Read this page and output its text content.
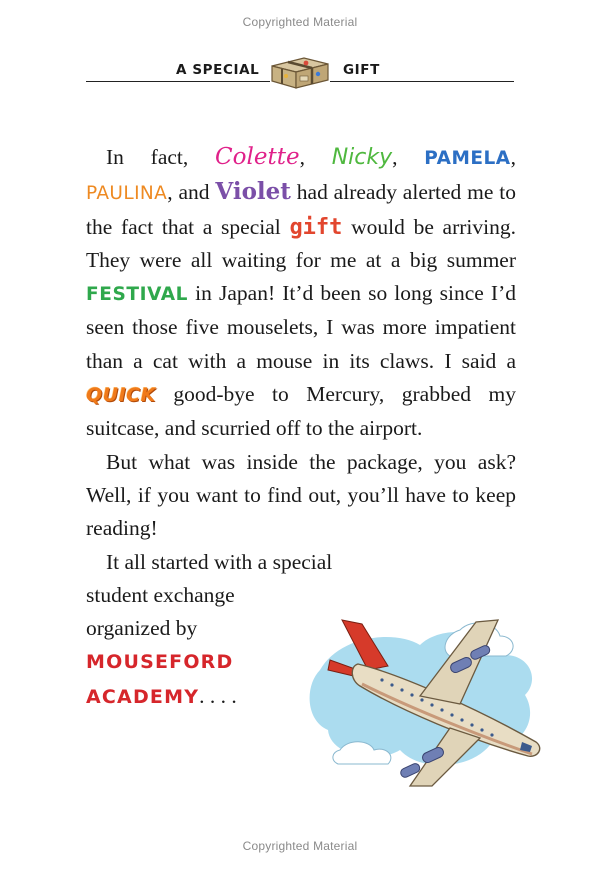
Copyrighted Material
A SPECIAL	GIFT

In fact, Colette, Nicky, PAMELA, PAULINA, and Violet had already alerted me to the fact that a special gift would be arriving. They were all waiting for me at a big summer FESTIVAL in Japan! It’d been so long since I’d seen those five mouselets, I was more impatient than a cat with a mouse in its claws. I said a QUICK good-bye to Mercury, grabbed my suitcase, and scurried off to the airport.

But what was inside the package, you ask? Well, if you want to find out, you’ll have to keep reading!

It all started with a special

student exchange
organized by
MOUSEFORD
ACADEMY. . . .
Copyrighted Material
